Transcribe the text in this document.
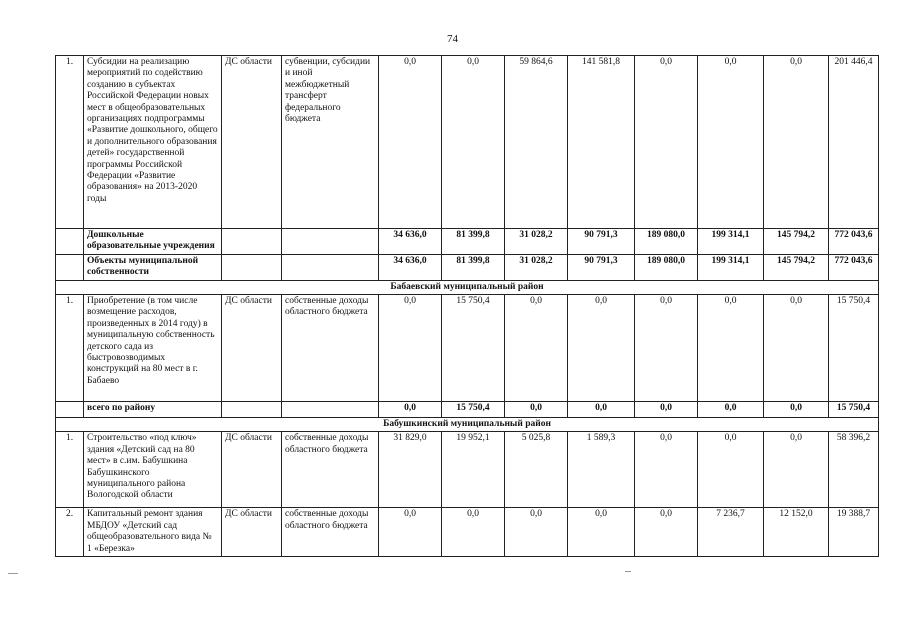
74
1.	Субсидии на реализацию мероприятий по содействию созданию в субъектах Российской Федерации новых мест в общеобразовательных организациях подпрограммы «Развитие дошкольного, общего и дополнительного образования детей» государственной программы Российской Федерации «Развитие образования» на 2013-2020 годы	ДС области	субвенции, субсидии и иной межбюджетный трансферт федерального бюджета	0,0	0,0	59 864,6	141 581,8	0,0	0,0	0,0	201 446,4
	Дошкольные образовательные учреждения			34 636,0	81 399,8	31 028,2	90 791,3	189 080,0	199 314,1	145 794,2	772 043,6
	Объекты муниципальной собственности			34 636,0	81 399,8	31 028,2	90 791,3	189 080,0	199 314,1	145 794,2	772 043,6
Бабаевский муниципальный район											
1.	Приобретение (в том числе возмещение расходов, произведенных в 2014 году) в муниципальную собственность детского сада из быстровозводимых конструкций на 80 мест в г. Бабаево	ДС области	собственные доходы областного бюджета	0,0	15 750,4	0,0	0,0	0,0	0,0	0,0	15 750,4
	всего по району			0,0	15 750,4	0,0	0,0	0,0	0,0	0,0	15 750,4
Бабушкинский муниципальный район											
1.	Строительство «под ключ» здания «Детский сад на 80 мест» в с.им. Бабушкина Бабушкинского муниципального района Вологодской области	ДС области	собственные доходы областного бюджета	31 829,0	19 952,1	5 025,8	1 589,3	0,0	0,0	0,0	58 396,2
2.	Капитальный ремонт здания МБДОУ «Детский сад общеобразовательного вида № 1 «Березка»	ДС области	собственные доходы областного бюджета	0,0	0,0	0,0	0,0	0,0	7 236,7	12 152,0	19 388,7
